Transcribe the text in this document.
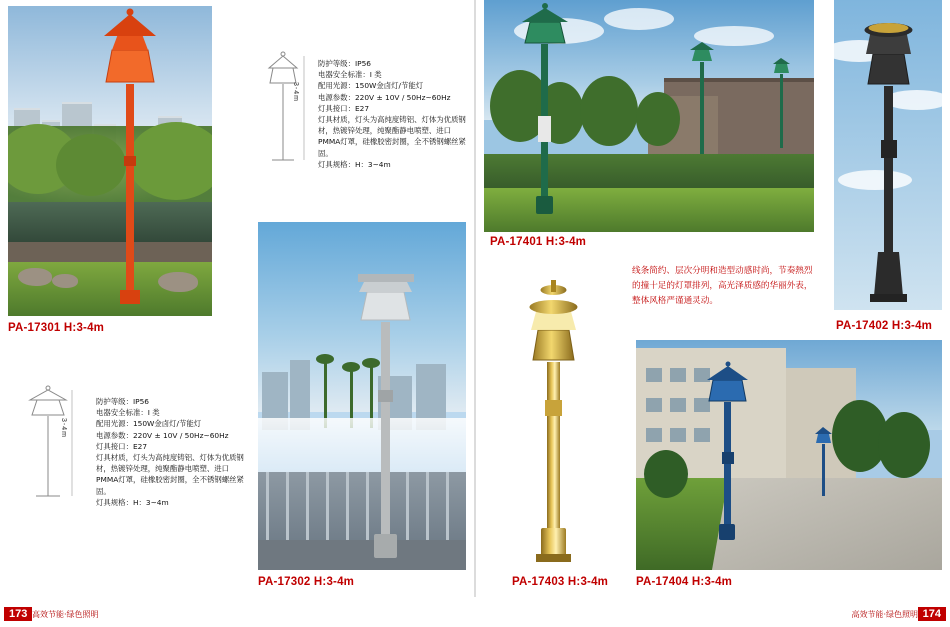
PA-17301 H:3-4m
3-4m
防护等级：IP56
电器安全标准：I 类
配用光源：150W金卤灯/节能灯
电源参数：220V ± 10V / 50Hz~60Hz
灯具接口：E27
灯具材质，灯头为高纯度铸铝、灯体为优质钢材，热镀锌处理，纯聚酯静电喷塑、进口PMMA灯罩，硅橡胶密封圈，全不锈钢螺丝紧固。
灯具规格：H：3~4m
3-4m
防护等级：IP56
电器安全标准：I 类
配用光源：150W金卤灯/节能灯
电源参数：220V ± 10V / 50Hz~60Hz
灯具接口：E27
灯具材质，灯头为高纯度铸铝、灯体为优质钢材，热镀锌处理，纯聚酯静电喷塑、进口PMMA灯罩，硅橡胶密封圈，全不锈钢螺丝紧固。
灯具规格：H：3~4m
PA-17302 H:3-4m
PA-17401 H:3-4m
PA-17402 H:3-4m
线条简约、层次分明和造型动感时尚，节奏熱烈的撞十足的灯罩排列，高光泽质感的华丽外表，整体风格严谨通灵动。
PA-17403 H:3-4m PA-17404 H:3-4m
173 高效节能·绿色照明	174
高效节能·绿色照明
